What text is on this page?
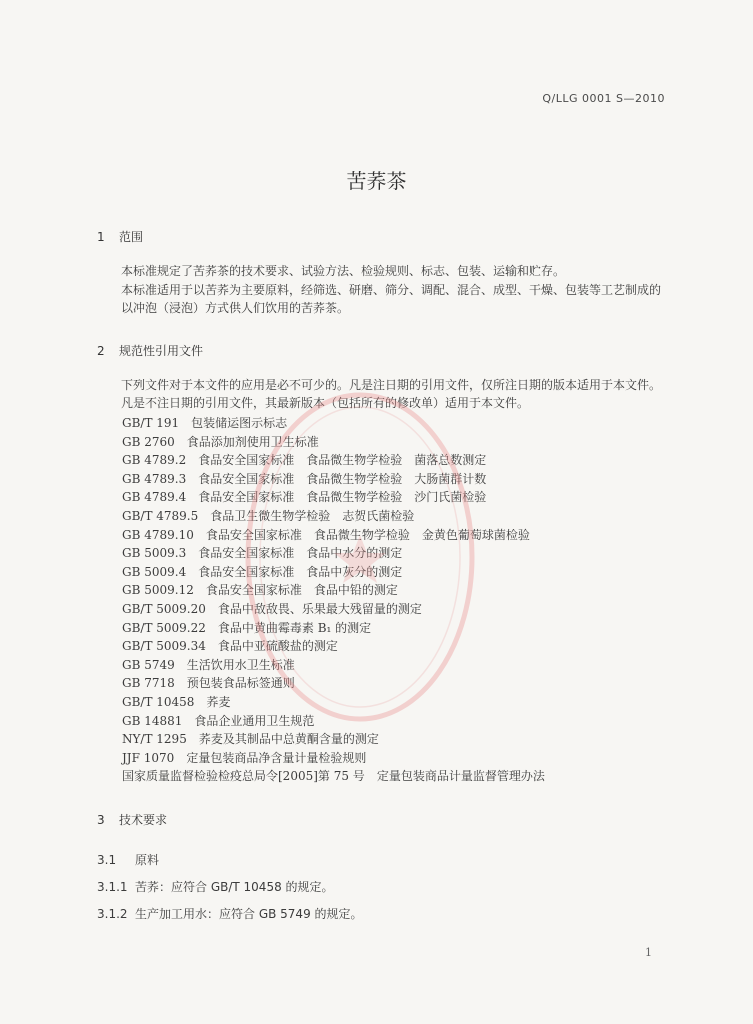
Q/LLG 0001 S—2010
苦荞茶
1 范围
本标准规定了苦荞茶的技术要求、试验方法、检验规则、标志、包装、运输和贮存。
本标准适用于以苦荞为主要原料，经筛选、研磨、筛分、调配、混合、成型、干燥、包装等工艺制成的以冲泡（浸泡）方式供人们饮用的苦荞茶。
2 规范性引用文件
下列文件对于本文件的应用是必不可少的。凡是注日期的引用文件，仅所注日期的版本适用于本文件。凡是不注日期的引用文件，其最新版本（包括所有的修改单）适用于本文件。
GB/T 191 包装储运图示标志
GB 2760 食品添加剂使用卫生标准
GB 4789.2 食品安全国家标准　食品微生物学检验　菌落总数测定
GB 4789.3 食品安全国家标准　食品微生物学检验　大肠菌群计数
GB 4789.4 食品安全国家标准　食品微生物学检验　沙门氏菌检验
GB/T 4789.5 食品卫生微生物学检验　志贺氏菌检验
GB 4789.10 食品安全国家标准　食品微生物学检验　金黄色葡萄球菌检验
GB 5009.3 食品安全国家标准　食品中水分的测定
GB 5009.4 食品安全国家标准　食品中灰分的测定
GB 5009.12 食品安全国家标准　食品中铅的测定
GB/T 5009.20 食品中敌敌畏、乐果最大残留量的测定
GB/T 5009.22 食品中黄曲霉毒素 B₁ 的测定
GB/T 5009.34 食品中亚硫酸盐的测定
GB 5749 生活饮用水卫生标准
GB 7718 预包装食品标签通则
GB/T 10458 荞麦
GB 14881 食品企业通用卫生规范
NY/T 1295 荞麦及其制品中总黄酮含量的测定
JJF 1070 定量包装商品净含量计量检验规则
国家质量监督检验检疫总局令[2005]第 75 号 定量包装商品计量监督管理办法
3 技术要求
3.1 原料
3.1.1 苦荞：应符合 GB/T 10458 的规定。
3.1.2 生产加工用水：应符合 GB 5749 的规定。
1
